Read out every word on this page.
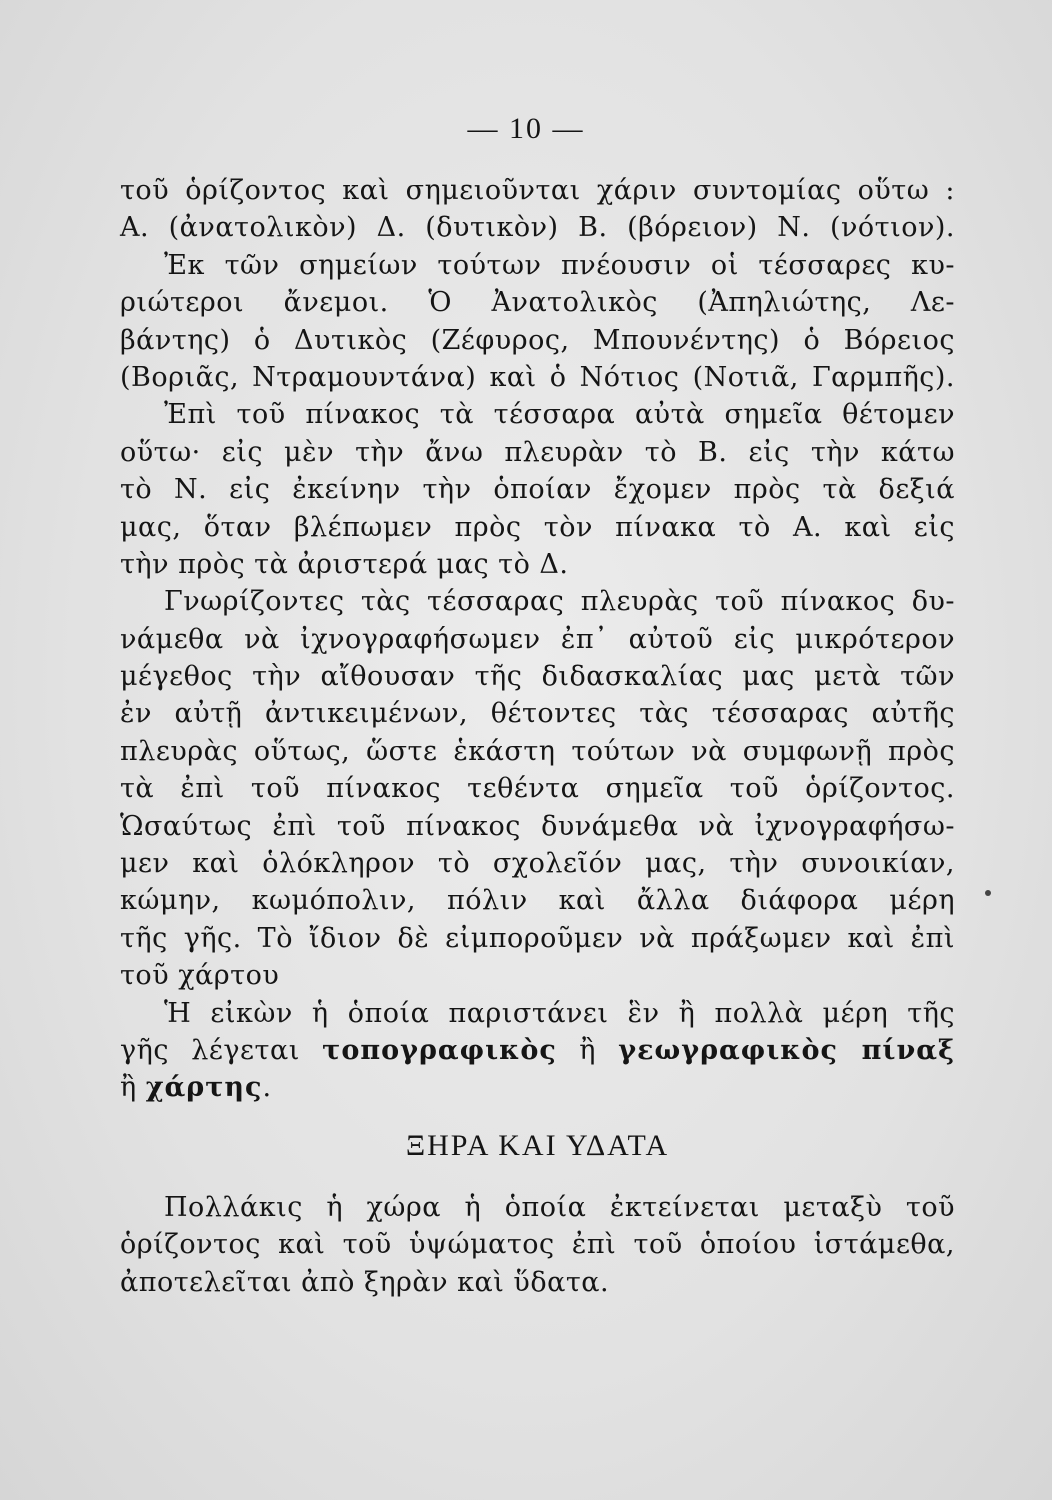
— 10 —
τοῦ ὁρίζοντος καὶ σημειοῦνται χάριν συντομίας οὕτω :
Α. (ἀνατολικὸν) Δ. (δυτικὸν) Β. (βόρειον) Ν. (νότιον).
Ἐκ τῶν σημείων τούτων πνέουσιν οἱ τέσσαρες κυ-
ριώτεροι ἄνεμοι. Ὁ Ἀνατολικὸς (Ἀπηλιώτης, Λε-
βάντης) ὁ Δυτικὸς (Ζέφυρος, Μπουνέντης) ὁ Βόρειος
(Βοριᾶς, Ντραμουντάνα) καὶ ὁ Νότιος (Νοτιᾶ, Γαρμπῆς).
Ἐπὶ τοῦ πίνακος τὰ τέσσαρα αὐτὰ σημεῖα θέτομεν
οὕτω· εἰς μὲν τὴν ἄνω πλευρὰν τὸ Β. εἰς τὴν κάτω
τὸ Ν. εἰς ἐκείνην τὴν ὁποίαν ἔχομεν πρὸς τὰ δεξιά
μας, ὅταν βλέπωμεν πρὸς τὸν πίνακα τὸ Α. καὶ εἰς
τὴν πρὸς τὰ ἀριστερά μας τὸ Δ.
Γνωρίζοντες τὰς τέσσαρας πλευρὰς τοῦ πίνακος δυ-
νάμεθα νὰ ἰχνογραφήσωμεν ἐπ᾿ αὐτοῦ εἰς μικρότερον
μέγεθος τὴν αἴθουσαν τῆς διδασκαλίας μας μετὰ τῶν
ἐν αὐτῇ ἀντικειμένων, θέτοντες τὰς τέσσαρας αὐτῆς
πλευρὰς οὕτως, ὥστε ἑκάστη τούτων νὰ συμφωνῇ πρὸς
τὰ ἐπὶ τοῦ πίνακος τεθέντα σημεῖα τοῦ ὁρίζοντος.
Ὡσαύτως ἐπὶ τοῦ πίνακος δυνάμεθα νὰ ἰχνογραφήσω-
μεν καὶ ὁλόκληρον τὸ σχολεῖόν μας, τὴν συνοικίαν,
κώμην, κωμόπολιν, πόλιν καὶ ἄλλα διάφορα μέρη
τῆς γῆς. Τὸ ἴδιον δὲ εἰμποροῦμεν νὰ πράξωμεν καὶ ἐπὶ
τοῦ χάρτου
Ἡ εἰκὼν ἡ ὁποία παριστάνει ἓν ἢ πολλὰ μέρη τῆς
γῆς λέγεται τοπογραφικὸς ἢ γεωγραφικὸς πίναξ
ἢ χάρτης.
ΞΗΡΑ ΚΑΙ ΥΔΑΤΑ
Πολλάκις ἡ χώρα ἡ ὁποία ἐκτείνεται μεταξὺ τοῦ
ὁρίζοντος καὶ τοῦ ὑψώματος ἐπὶ τοῦ ὁποίου ἱστάμεθα,
ἀποτελεῖται ἀπὸ ξηρὰν καὶ ὕδατα.
